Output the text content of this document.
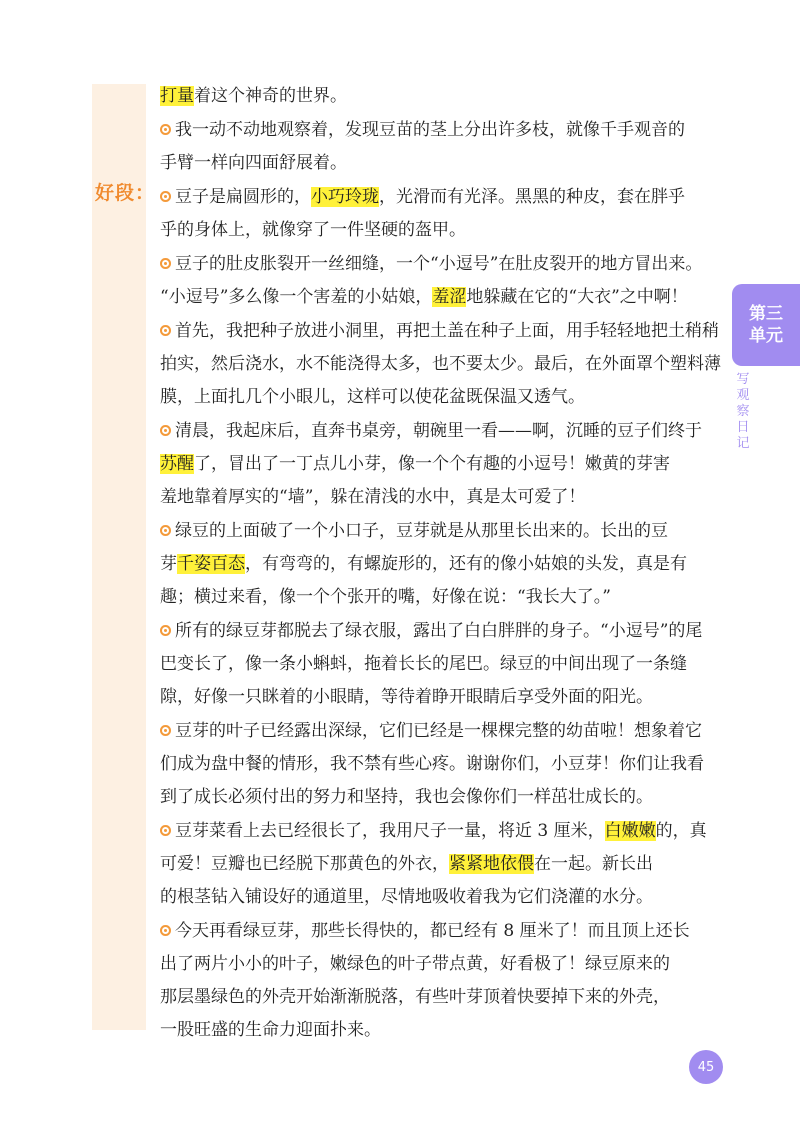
好段：
打量着这个神奇的世界。
我一动不动地观察着，发现豆苗的茎上分出许多枝，就像千手观音的
手臂一样向四面舒展着。
豆子是扁圆形的，小巧玲珑，光滑而有光泽。黑黑的种皮，套在胖乎
乎的身体上，就像穿了一件坚硬的盔甲。
豆子的肚皮胀裂开一丝细缝，一个“小逗号”在肚皮裂开的地方冒出来。
“小逗号”多么像一个害羞的小姑娘，羞涩地躲藏在它的“大衣”之中啊！
首先，我把种子放进小洞里，再把土盖在种子上面，用手轻轻地把土稍稍
拍实，然后浇水，水不能浇得太多，也不要太少。最后，在外面罩个塑料薄
膜，上面扎几个小眼儿，这样可以使花盆既保温又透气。
清晨，我起床后，直奔书桌旁，朝碗里一看——啊，沉睡的豆子们终于
苏醒了，冒出了一丁点儿小芽，像一个个有趣的小逗号！嫩黄的芽害
羞地靠着厚实的“墙”，躲在清浅的水中，真是太可爱了！
绿豆的上面破了一个小口子，豆芽就是从那里长出来的。长出的豆
芽千姿百态，有弯弯的，有螺旋形的，还有的像小姑娘的头发，真是有
趣；横过来看，像一个个张开的嘴，好像在说：“我长大了。”
所有的绿豆芽都脱去了绿衣服，露出了白白胖胖的身子。“小逗号”的尾
巴变长了，像一条小蝌蚪，拖着长长的尾巴。绿豆的中间出现了一条缝
隙，好像一只眯着的小眼睛，等待着睁开眼睛后享受外面的阳光。
豆芽的叶子已经露出深绿，它们已经是一棵棵完整的幼苗啦！想象着它
们成为盘中餐的情形，我不禁有些心疼。谢谢你们，小豆芽！你们让我看
到了成长必须付出的努力和坚持，我也会像你们一样茁壮成长的。
豆芽菜看上去已经很长了，我用尺子一量，将近 3 厘米，白嫩嫩的，真
可爱！豆瓣也已经脱下那黄色的外衣，紧紧地依偎在一起。新长出
的根茎钻入铺设好的通道里，尽情地吸收着我为它们浇灌的水分。
今天再看绿豆芽，那些长得快的，都已经有 8 厘米了！而且顶上还长
出了两片小小的叶子，嫩绿色的叶子带点黄，好看极了！绿豆原来的
那层墨绿色的外壳开始渐渐脱落，有些叶芽顶着快要掉下来的外壳，
一股旺盛的生命力迎面扑来。
第三
单元
写观察日记
45
